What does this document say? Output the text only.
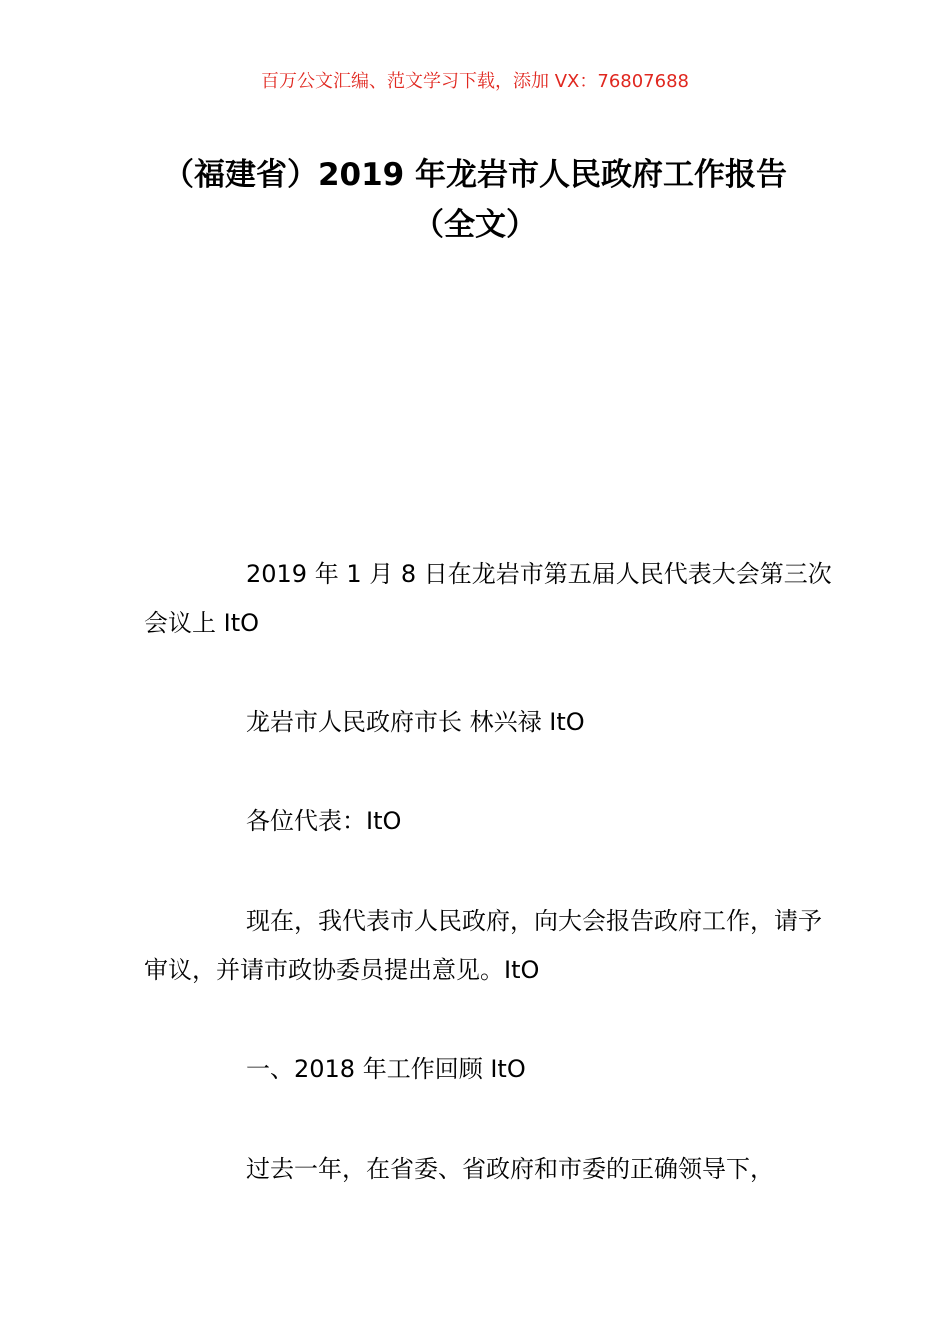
百万公文汇编、范文学习下载，添加 VX：76807688
（福建省）2019 年龙岩市人民政府工作报告（全文）

2019 年 1 月 8 日在龙岩市第五届人民代表大会第三次会议上 ItO

龙岩市人民政府市长 林兴禄 ItO

各位代表：ItO

现在，我代表市人民政府，向大会报告政府工作，请予审议，并请市政协委员提出意见。ItO

一、2018 年工作回顾 ItO

过去一年，在省委、省政府和市委的正确领导下，
